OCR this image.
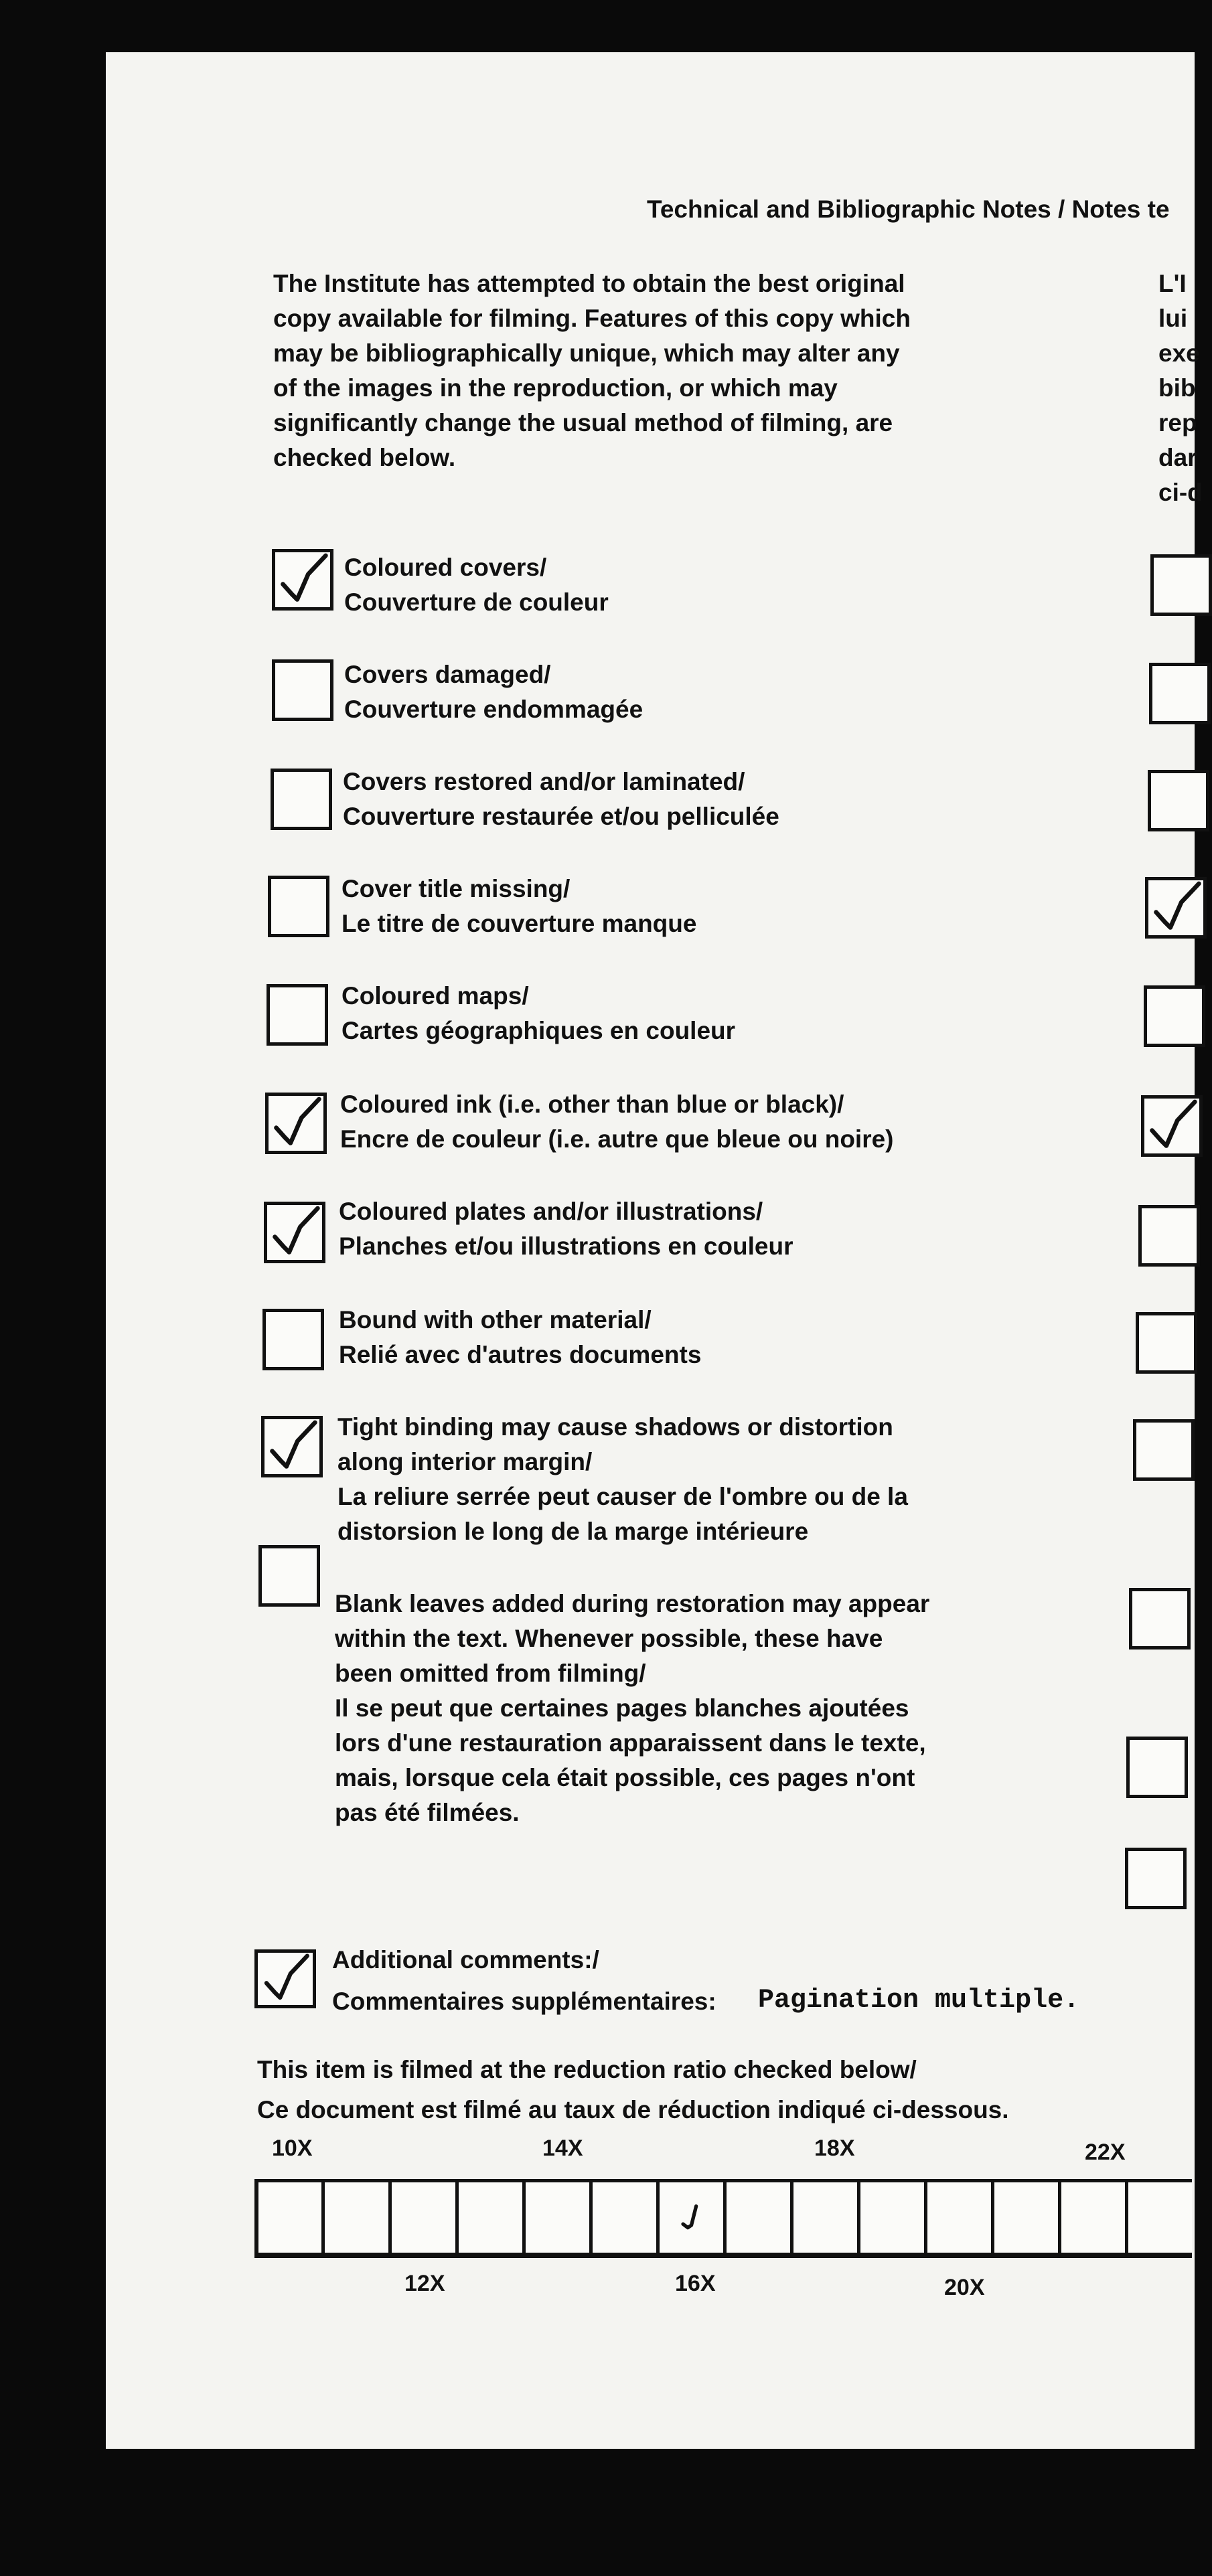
Technical and Bibliographic Notes / Notes te
The Institute has attempted to obtain the best original
copy available for filming. Features of this copy which
may be bibliographically unique, which may alter any
of the images in the reproduction, or which may
significantly change the usual method of filming, are
checked below.
L'I
lui
exe
bib
rep
dar
ci-d
Coloured covers/
Couverture de couleur
Covers damaged/
Couverture endommagée
Covers restored and/or laminated/
Couverture restaurée et/ou pelliculée
Cover title missing/
Le titre de couverture manque
Coloured maps/
Cartes géographiques en couleur
Coloured ink (i.e. other than blue or black)/
Encre de couleur (i.e. autre que bleue ou noire)
Coloured plates and/or illustrations/
Planches et/ou illustrations en couleur
Bound with other material/
Relié avec d'autres documents
Tight binding may cause shadows or distortion
along interior margin/
La reliure serrée peut causer de l'ombre ou de la
distorsion le long de la marge intérieure
Blank leaves added during restoration may appear
within the text. Whenever possible, these have
been omitted from filming/
Il se peut que certaines pages blanches ajoutées
lors d'une restauration apparaissent dans le texte,
mais, lorsque cela était possible, ces pages n'ont
pas été filmées.
Additional comments:/
Commentaires supplémentaires: Pagination multiple.
This item is filmed at the reduction ratio checked below/
Ce document est filmé au taux de réduction indiqué ci-dessous.
10X	14X	18X	22X
12X	16X	20X
